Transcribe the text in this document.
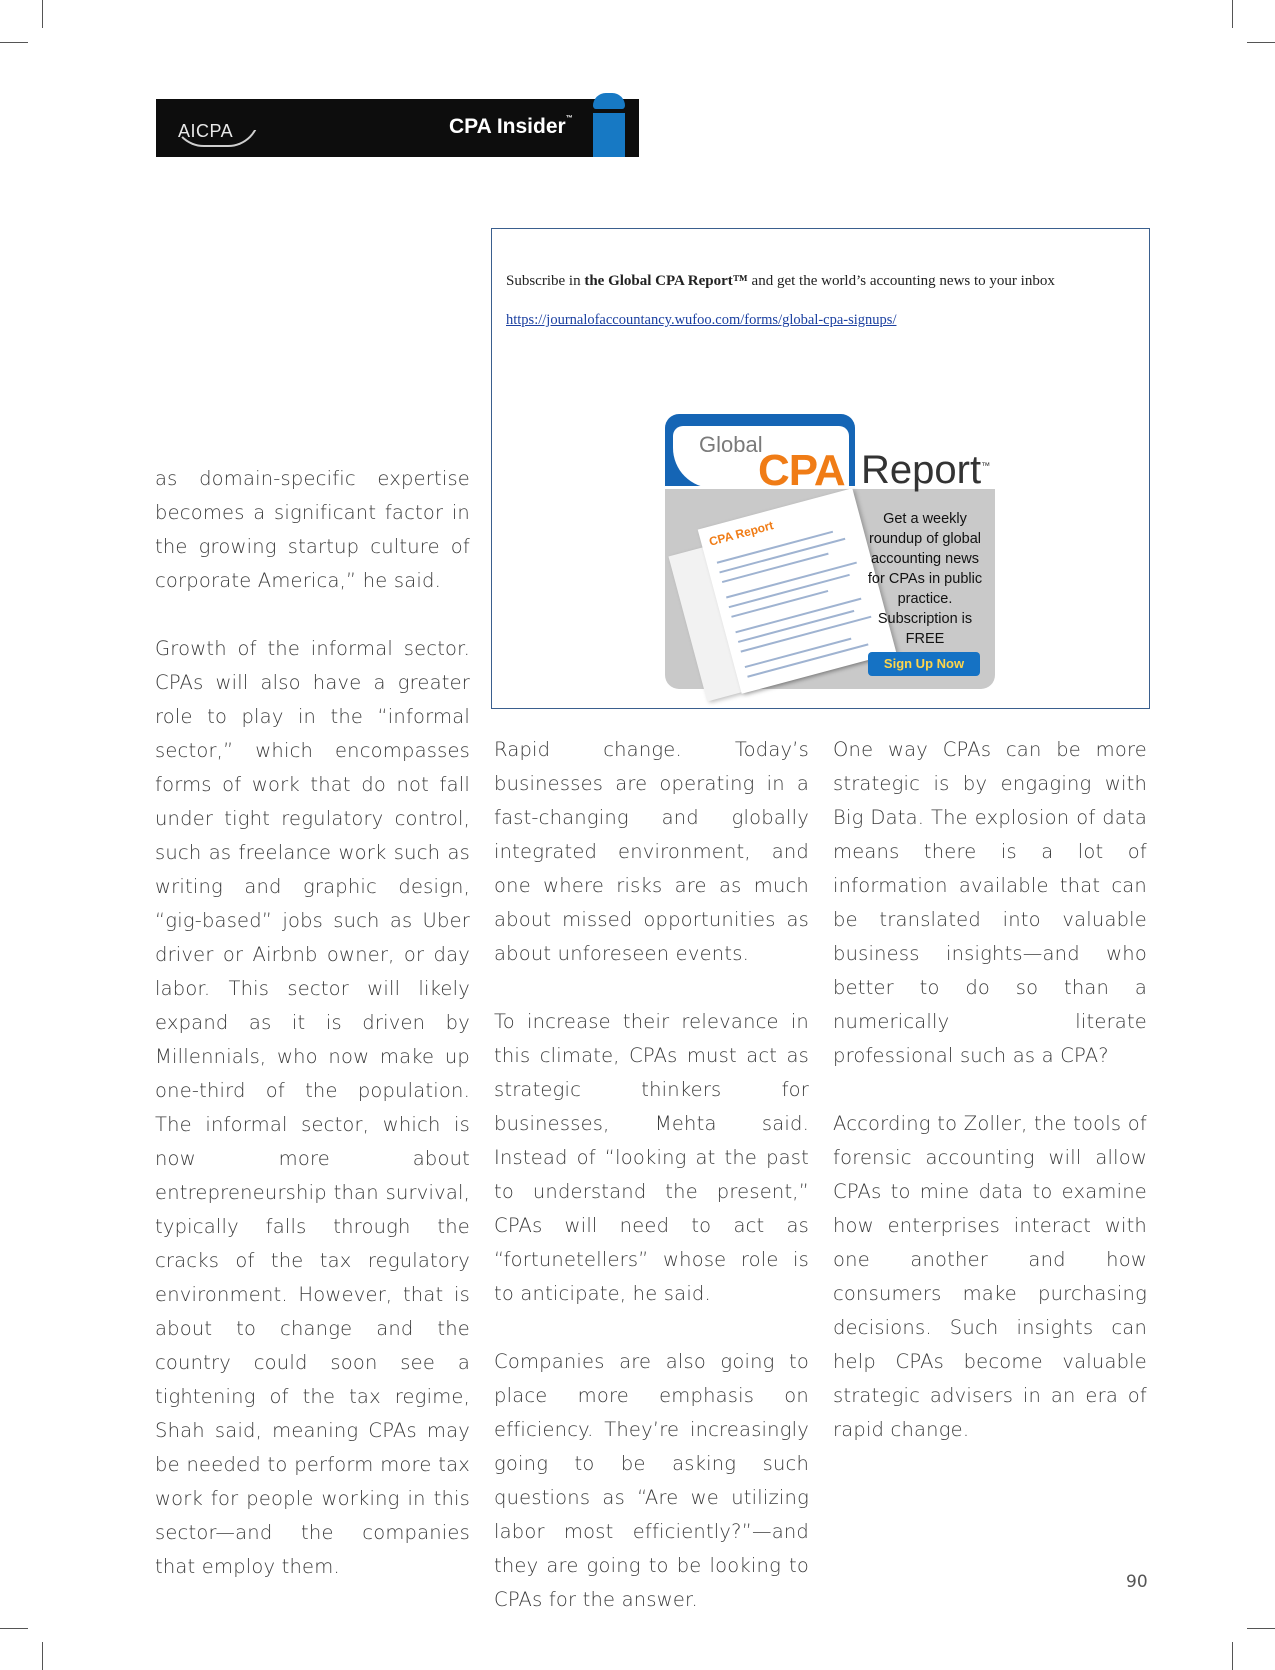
AICPA	CPA Insider™
Subscribe in the Global CPA Report™ and get the world’s accounting news to your inbox
https://journalofaccountancy.wufoo.com/forms/global-cpa-signups/
Global
CPA Report™
CPA Report	Get a weekly roundup of global accounting news for CPAs in public practice. Subscription is FREE
Sign Up Now

as domain-specific expertise becomes a significant factor in the growing startup culture of corporate America,” he said.

Growth of the informal sector. CPAs will also have a greater role to play in the “informal sector,” which encompasses forms of work that do not fall under tight regulatory control, such as freelance work such as writing and graphic design, “gig-based” jobs such as Uber driver or Airbnb owner, or day labor. This sector will likely expand as it is driven by Millennials, who now make up one-third of the population. The informal sector, which is now more about entrepreneurship than survival, typically falls through the cracks of the tax regulatory environment. However, that is about to change and the country could soon see a tightening of the tax regime, Shah said, meaning CPAs may be needed to perform more tax work for people working in this sector—and the companies that employ them.

Rapid change. Today’s businesses are operating in a fast-changing and globally integrated environment, and one where risks are as much about missed opportunities as about unforeseen events.

To increase their relevance in this climate, CPAs must act as strategic thinkers for businesses, Mehta said. Instead of “looking at the past to understand the present,” CPAs will need to act as “fortunetellers” whose role is to anticipate, he said.

Companies are also going to place more emphasis on efficiency. They’re increasingly going to be asking such questions as “Are we utilizing labor most efficiently?”—and they are going to be looking to CPAs for the answer.

One way CPAs can be more strategic is by engaging with Big Data. The explosion of data means there is a lot of information available that can be translated into valuable business insights—and who better to do so than a numerically literate professional such as a CPA?

According to Zoller, the tools of forensic accounting will allow CPAs to mine data to examine how enterprises interact with one another and how consumers make purchasing decisions. Such insights can help CPAs become valuable strategic advisers in an era of rapid change.

90
